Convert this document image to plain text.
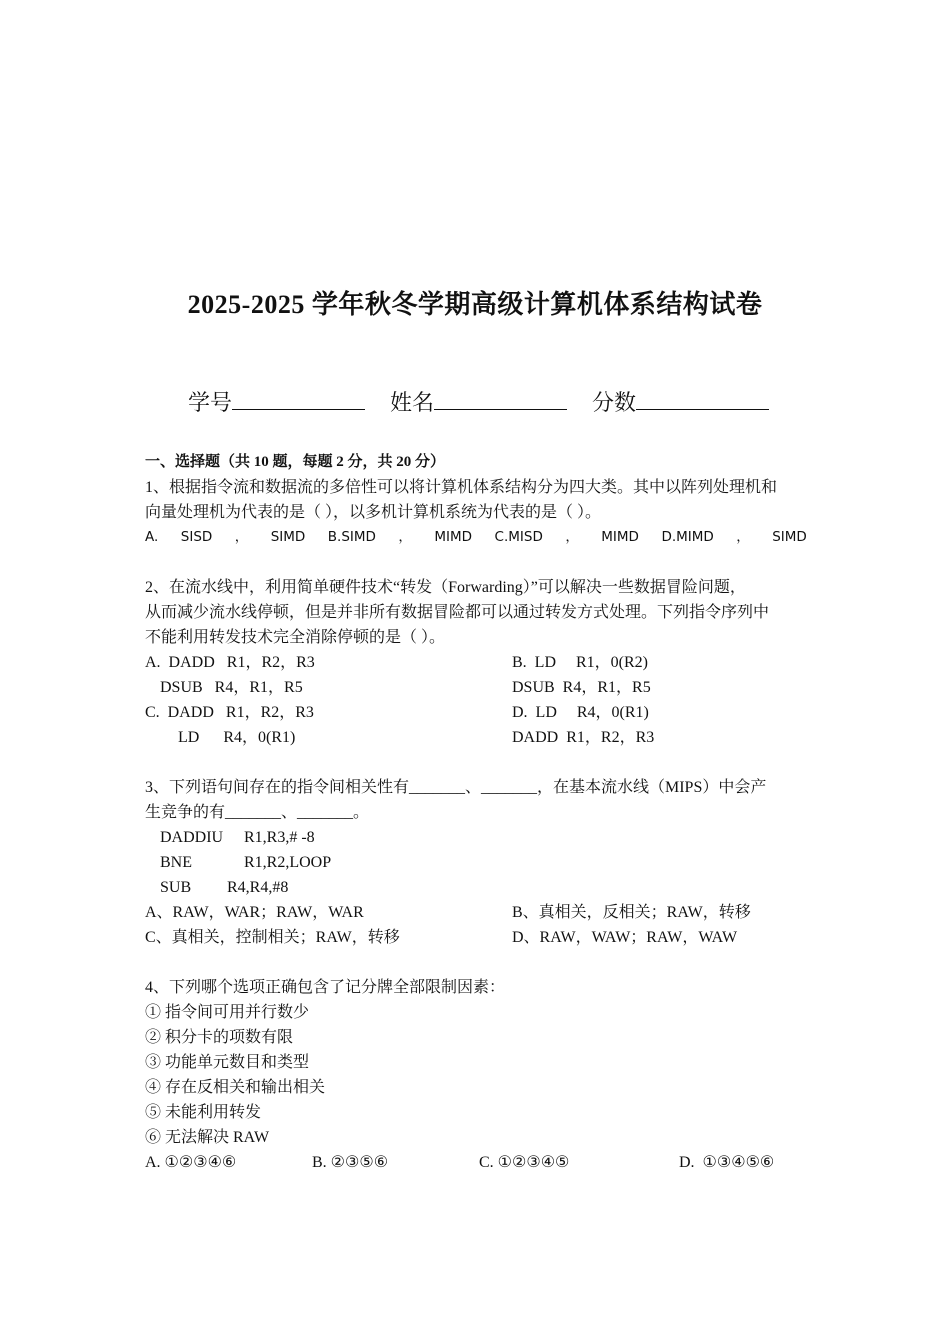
2025-2025 学年秋冬学期高级计算机体系结构试卷
学号	姓名	分数
一、选择题（共 10 题，每题 2 分，共 20 分）
1、根据指令流和数据流的多倍性可以将计算机体系结构分为四大类。其中以阵列处理机和
向量处理机为代表的是（ ），以多机计算机系统为代表的是（ ）。
A. SISD ， SIMD B.SIMD ， MIMD C.MISD ， MIMD D.MIMD ， SIMD
2、在流水线中，利用简单硬件技术“转发（Forwarding）”可以解决一些数据冒险问题，
从而减少流水线停顿，但是并非所有数据冒险都可以通过转发方式处理。下列指令序列中
不能利用转发技术完全消除停顿的是（ ）。
A.  DADD   R1，R2，R3	B.  LD     R1，0(R2)
DSUB   R4，R1，R5	DSUB  R4，R1，R5
C.  DADD   R1，R2，R3	D.  LD     R4，0(R1)
LD      R4，0(R1)	DADD  R1，R2，R3
3、下列语句间存在的指令间相关性有_______、_______，在基本流水线（MIPS）中会产
生竞争的有_______、_______。
DADDIU	R1,R3,# -8
BNE	R1,R2,LOOP
SUB	R4,R4,#8
A、RAW，WAR；RAW，WAR	B、真相关，反相关；RAW，转移
C、真相关，控制相关；RAW，转移	D、RAW，WAW；RAW，WAW
4、下列哪个选项正确包含了记分牌全部限制因素：
① 指令间可用并行数少
② 积分卡的项数有限
③ 功能单元数目和类型
④ 存在反相关和输出相关
⑤ 未能利用转发
⑥ 无法解决 RAW
A. ①②③④⑥	B. ②③⑤⑥	C. ①②③④⑤	D.  ①③④⑤⑥
